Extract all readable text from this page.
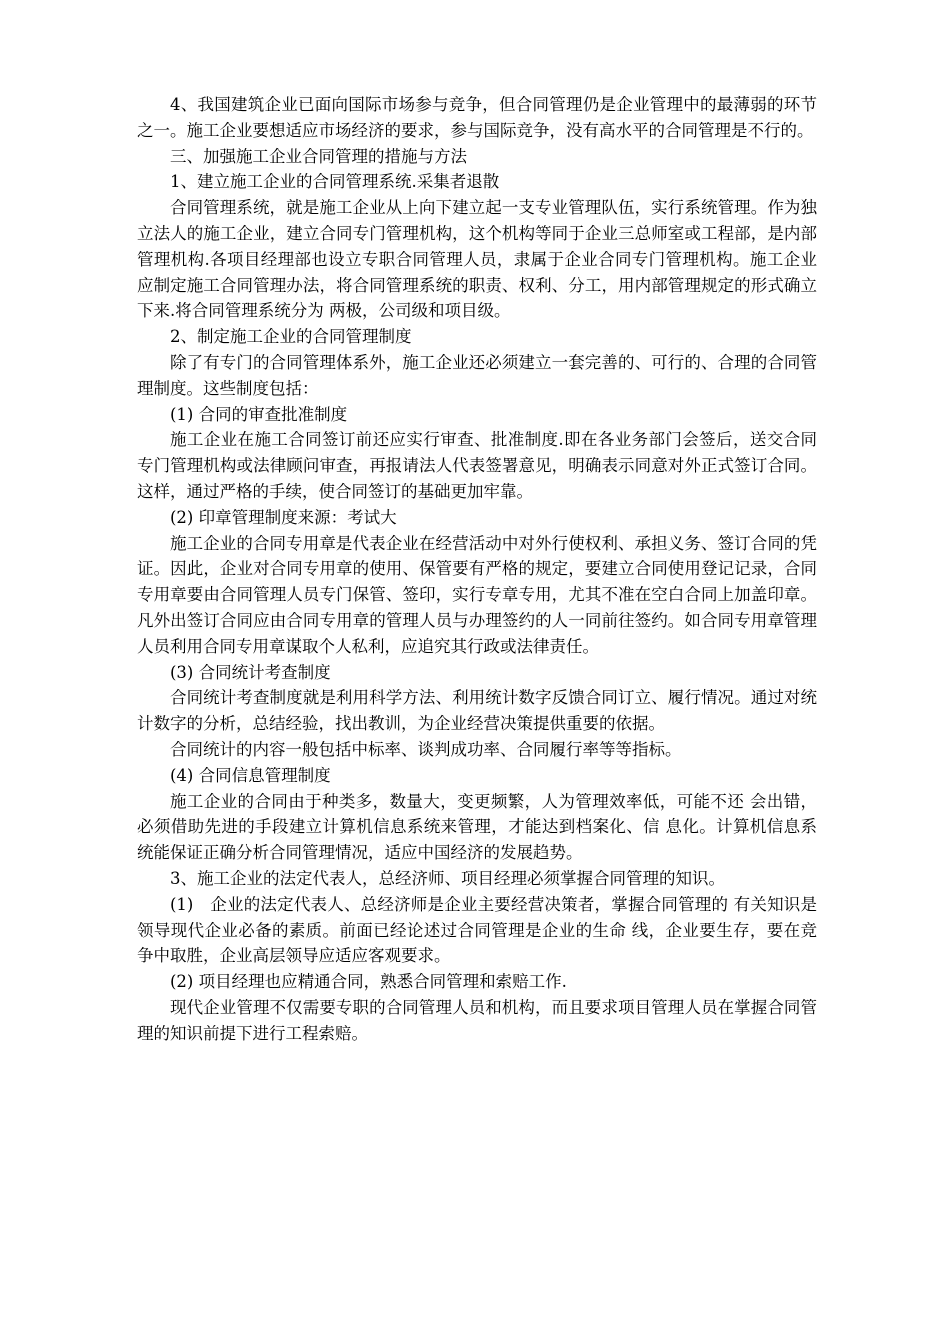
4、我国建筑企业已面向国际市场参与竞争，但合同管理仍是企业管理中的最薄弱的环节之一。施工企业要想适应市场经济的要求，参与国际竞争，没有高水平的合同管理是不行的。

三、加强施工企业合同管理的措施与方法

1、建立施工企业的合同管理系统.采集者退散

合同管理系统，就是施工企业从上向下建立起一支专业管理队伍，实行系统管理。作为独立法人的施工企业，建立合同专门管理机构，这个机构等同于企业三总师室或工程部，是内部管理机构.各项目经理部也设立专职合同管理人员，隶属于企业合同专门管理机构。施工企业应制定施工合同管理办法，将合同管理系统的职责、权利、分工，用内部管理规定的形式确立下来.将合同管理系统分为 两极，公司级和项目级。

2、制定施工企业的合同管理制度

除了有专门的合同管理体系外，施工企业还必须建立一套完善的、可行的、合理的合同管理制度。这些制度包括：

(1) 合同的审查批准制度

施工企业在施工合同签订前还应实行审查、批准制度.即在各业务部门会签后，送交合同专门管理机构或法律顾问审查，再报请法人代表签署意见，明确表示同意对外正式签订合同。这样，通过严格的手续，使合同签订的基础更加牢靠。

(2) 印章管理制度来源：考试大

施工企业的合同专用章是代表企业在经营活动中对外行使权利、承担义务、签订合同的凭证。因此，企业对合同专用章的使用、保管要有严格的规定，要建立合同使用登记记录，合同专用章要由合同管理人员专门保管、签印，实行专章专用，尤其不准在空白合同上加盖印章。凡外出签订合同应由合同专用章的管理人员与办理签约的人一同前往签约。如合同专用章管理人员利用合同专用章谋取个人私利，应追究其行政或法律责任。

(3) 合同统计考查制度

合同统计考查制度就是利用科学方法、利用统计数字反馈合同订立、履行情况。通过对统计数字的分析，总结经验，找出教训，为企业经营决策提供重要的依据。

合同统计的内容一般包括中标率、谈判成功率、合同履行率等等指标。

(4) 合同信息管理制度

施工企业的合同由于种类多，数量大，变更频繁，人为管理效率低，可能不还 会出错，必须借助先进的手段建立计算机信息系统来管理，才能达到档案化、信 息化。计算机信息系统能保证正确分析合同管理情况，适应中国经济的发展趋势。

3、施工企业的法定代表人，总经济师、项目经理必须掌握合同管理的知识。

(1)　企业的法定代表人、总经济师是企业主要经营决策者，掌握合同管理的 有关知识是领导现代企业必备的素质。前面已经论述过合同管理是企业的生命 线，企业要生存，要在竞争中取胜，企业高层领导应适应客观要求。

(2) 项目经理也应精通合同，熟悉合同管理和索赔工作.

现代企业管理不仅需要专职的合同管理人员和机构，而且要求项目管理人员在掌握合同管理的知识前提下进行工程索赔。
